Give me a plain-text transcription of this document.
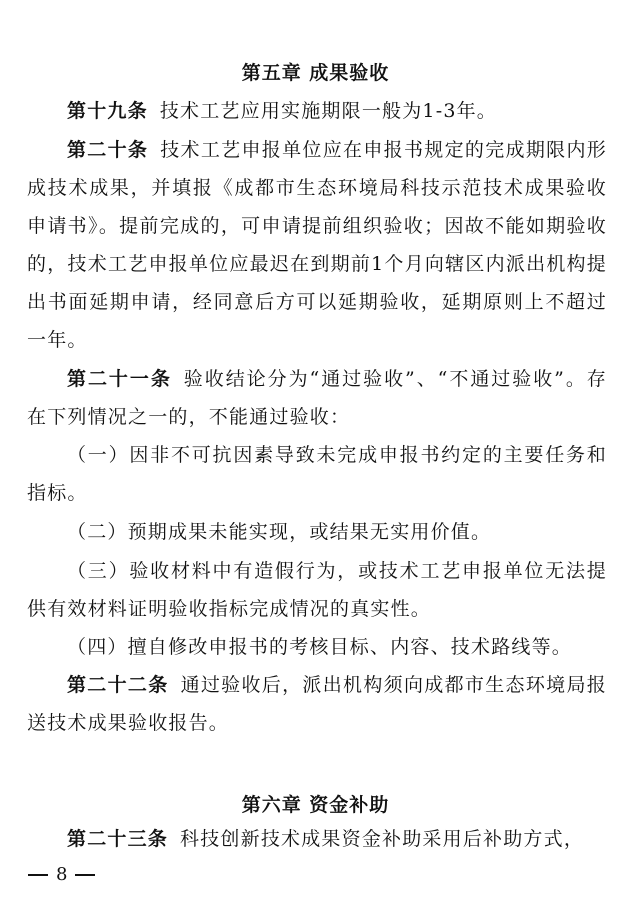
第五章 成果验收
第十九条 技术工艺应用实施期限一般为1-3年。
第二十条 技术工艺申报单位应在申报书规定的完成期限内形成技术成果，并填报《成都市生态环境局科技示范技术成果验收申请书》。提前完成的，可申请提前组织验收；因故不能如期验收的，技术工艺申报单位应最迟在到期前1个月向辖区内派出机构提出书面延期申请，经同意后方可以延期验收，延期原则上不超过一年。
第二十一条 验收结论分为“通过验收”、“不通过验收”。存在下列情况之一的，不能通过验收：
（一）因非不可抗因素导致未完成申报书约定的主要任务和指标。
（二）预期成果未能实现，或结果无实用价值。
（三）验收材料中有造假行为，或技术工艺申报单位无法提供有效材料证明验收指标完成情况的真实性。
（四）擅自修改申报书的考核目标、内容、技术路线等。
第二十二条 通过验收后，派出机构须向成都市生态环境局报送技术成果验收报告。
第六章 资金补助
第二十三条 科技创新技术成果资金补助采用后补助方式，
8
